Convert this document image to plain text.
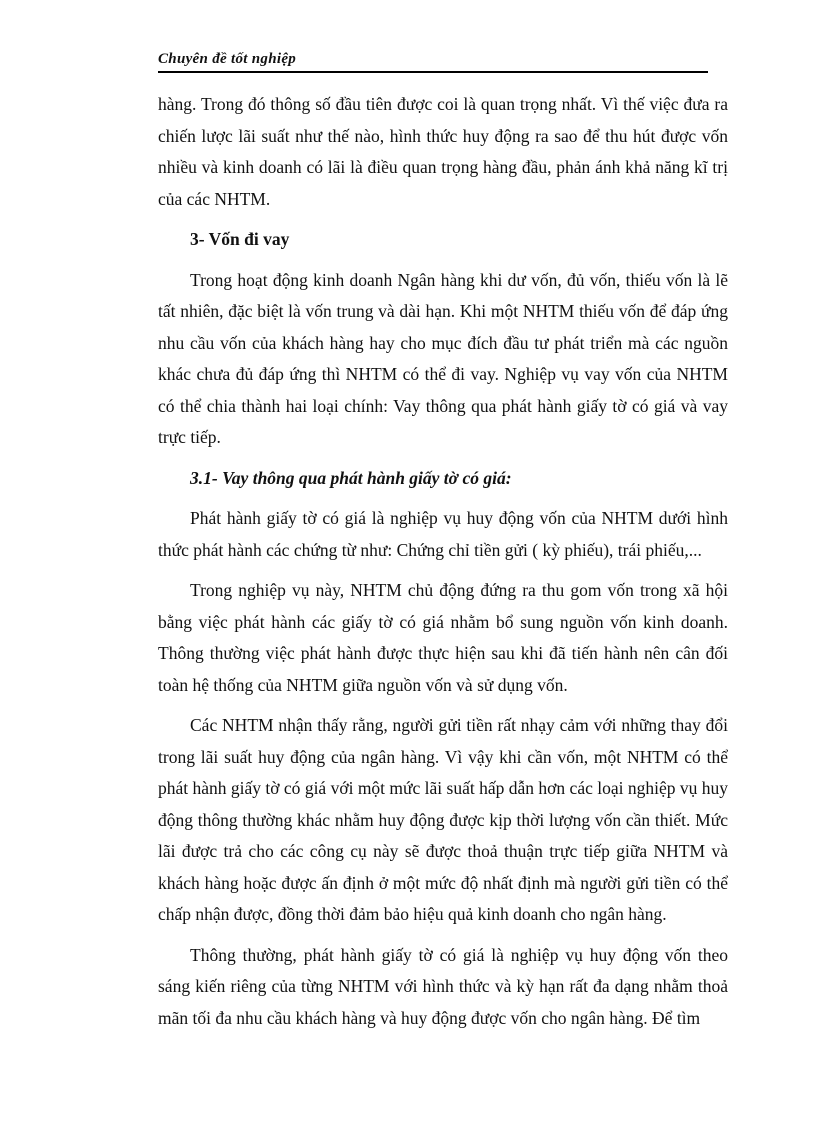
Chuyên đề tốt nghiệp

hàng. Trong đó thông số đầu tiên được coi là quan trọng nhất. Vì thế việc đưa ra chiến lược lãi suất như thế nào, hình thức huy động ra sao để thu hút được vốn nhiều và kinh doanh có lãi là điều quan trọng hàng đầu, phản ánh khả năng kĩ trị của các NHTM.

3- Vốn đi vay

Trong hoạt động kinh doanh Ngân hàng khi dư vốn, đủ vốn, thiếu vốn là lẽ tất nhiên, đặc biệt là vốn trung và dài hạn. Khi một NHTM thiếu vốn để đáp ứng nhu cầu vốn của khách hàng hay cho mục đích đầu tư phát triển mà các nguồn khác chưa đủ đáp ứng thì NHTM có thể đi vay. Nghiệp vụ vay vốn của NHTM có thể chia thành hai loại chính: Vay thông qua phát hành giấy tờ có giá và vay trực tiếp.

3.1- Vay thông qua phát hành giấy tờ có giá:

Phát hành giấy tờ có giá là nghiệp vụ huy động vốn của NHTM dưới hình thức phát hành các chứng từ như: Chứng chỉ tiền gửi ( kỳ phiếu), trái phiếu,...

Trong nghiệp vụ này, NHTM chủ động đứng ra thu gom vốn trong xã hội bằng việc phát hành các giấy tờ có giá nhằm bổ sung nguồn vốn kinh doanh. Thông thường việc phát hành được thực hiện sau khi đã tiến hành nên cân đối toàn hệ thống của NHTM giữa nguồn vốn và sử dụng vốn.

Các NHTM nhận thấy rằng, người gửi tiền rất nhạy cảm với những thay đổi trong lãi suất huy động của ngân hàng. Vì vậy khi cần vốn, một NHTM có thể phát hành giấy tờ có giá với một mức lãi suất hấp dẫn hơn các loại nghiệp vụ huy động thông thường khác nhằm huy động được kịp thời lượng vốn cần thiết. Mức lãi được trả cho các công cụ này sẽ được thoả thuận trực tiếp giữa NHTM và khách hàng hoặc được ấn định ở một mức độ nhất định mà người gửi tiền có thể chấp nhận được, đồng thời đảm bảo hiệu quả kinh doanh cho ngân hàng.

Thông thường, phát hành giấy tờ có giá là nghiệp vụ huy động vốn theo sáng kiến riêng của từng NHTM với hình thức và kỳ hạn rất đa dạng nhằm thoả mãn tối đa nhu cầu khách hàng và huy động được vốn cho ngân hàng. Để tìm
